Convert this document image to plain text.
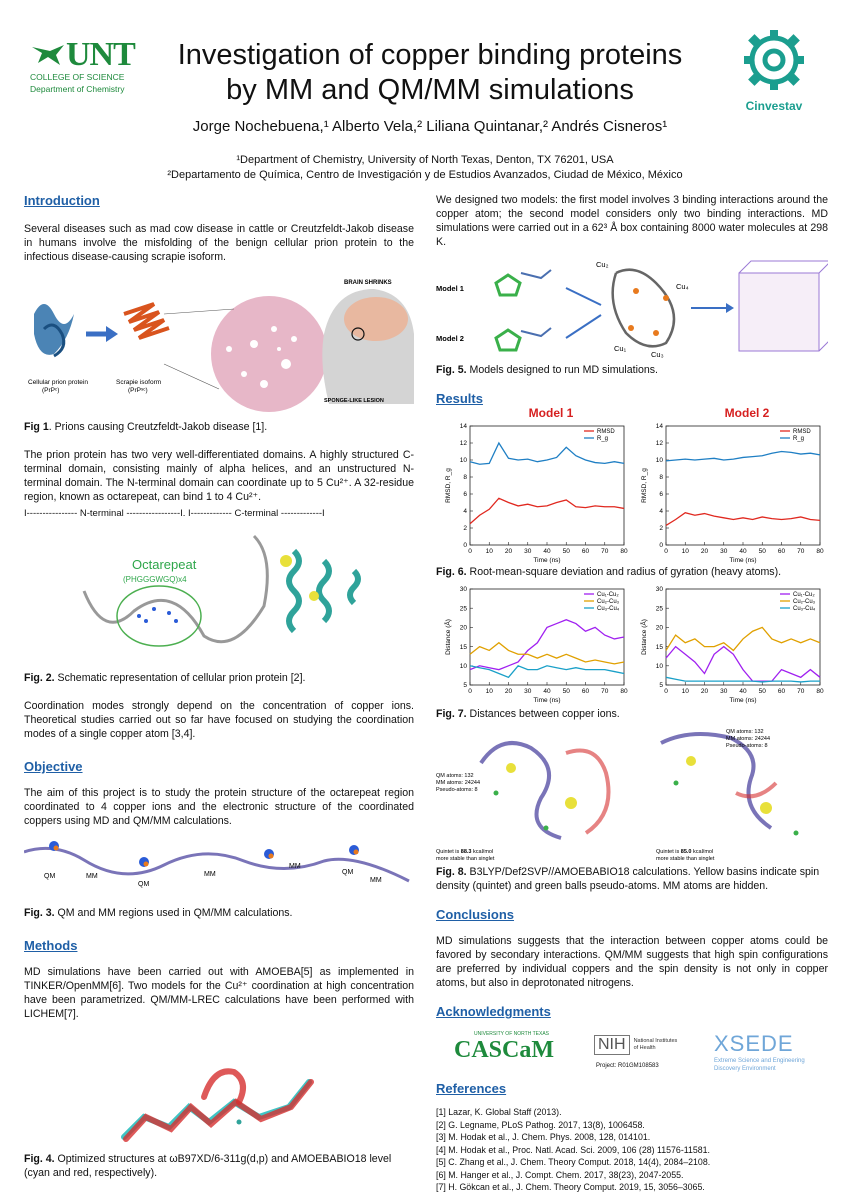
UNT
COLLEGE OF SCIENCE
Department of Chemistry
Investigation of copper binding proteins
by MM and QM/MM simulations
Jorge Nochebuena,¹ Alberto Vela,² Liliana Quintanar,² Andrés Cisneros¹
¹Department of Chemistry, University of North Texas, Denton, TX 76201, USA
²Departamento de Química, Centro de Investigación y de Estudios Avanzados, Ciudad de México, México
Cinvestav
Introduction

Several diseases such as mad cow disease in cattle or Creutzfeldt-Jakob disease in humans involve the misfolding of the benign cellular prion protein to the infectious disease-causing scrapie isoform.

BRAIN SHRINKS
SPONGE-LIKE LESION
Cellular prion protein
(PrPᶜ)
Scrapie isoform
(PrPˢᶜ)
Fig 1. Prions causing Creutzfeldt-Jakob disease [1].

The prion protein has two very well-differentiated domains. A highly structured C-terminal domain, consisting mainly of alpha helices, and an unstructured N-terminal domain. The N-terminal domain can coordinate up to 5 Cu²⁺. A 32-residue region, known as octarepeat, can bind 1 to 4 Cu²⁺.

I---------------- N-terminal -----------------I. I------------- C-terminal -------------I
Octarepeat
(PHGGGWGQ)x4
Fig. 2. Schematic representation of cellular prion protein [2].

Coordination modes strongly depend on the concentration of copper ions. Theoretical studies carried out so far have focused on studying the coordination modes of a single copper atom [3,4].

Objective

The aim of this project is to study the protein structure of the octarepeat region coordinated to 4 copper ions and the electronic structure of the coordinated coppers using MD and QM/MM calculations.

QM	MM
QM
MM
MM
QM
MM
Fig. 3. QM and MM regions used in QM/MM calculations.
Methods

MD simulations have been carried out with AMOEBA[5] as implemented in TINKER/OpenMM[6]. Two models for the Cu²⁺ coordination at high concentration have been parametrized. QM/MM-LREC calculations have been performed with LICHEM[7].

Fig. 4. Optimized structures at ωB97XD/6-311g(d,p) and AMOEBABIO18 level (cyan and red, respectively).

We designed two models: the first model involves 3 binding interactions around the copper atom; the second model considers only two binding interactions. MD simulations were carried out in a 62³ Å box containing 8000 water molecules at 298 K.

Model 1
Model 2
Cu₂
Cu₄
Cu₁
Cu₃
Fig. 5. Models designed to run MD simulations.
Results
Model 1	Model 2
0 10 20 30 40 50 60 70 80
0
2
4
6
8
10
12
14
Time (ns)
RMSD, R_g
RMSD
R_g
0 10 20 30 40 50 60 70 80
0
2
4
6
8
10
12
14
Time (ns)
RMSD, R_g
RMSD
R_g
Fig. 6. Root-mean-square deviation and radius of gyration (heavy atoms).
0 10 20 30 40 50 60 70 80
5
10
15
20
25
30
Time (ns)
Distance (Å)
Cu₁-Cu₂
Cu₂-Cu₃
Cu₃-Cu₄
0 10 20 30 40 50 60 70 80
5
10
15
20
25
30
Time (ns)
Distance (Å)
Cu₁-Cu₂
Cu₂-Cu₃
Cu₃-Cu₄
Fig. 7. Distances between copper ions.
QM atoms: 132
MM atoms: 24244
Pseudo-atoms: 8
QM atoms: 132
MM atoms: 24244
Pseudo-atoms: 8
Quintet is 88.3 kcal/mol
more stable than singlet
Quintet is 85.0 kcal/mol
more stable than singlet
Fig. 8. B3LYP/Def2SVP//AMOEBABIO18 calculations. Yellow basins indicate spin density (quintet) and green balls pseudo-atoms. MM atoms are hidden.
Conclusions

MD simulations suggests that the interaction between copper atoms could be favored by secondary interactions. QM/MM suggests that high spin configurations are preferred by individual coppers and the spin density is not only in copper atoms, but also in deprotonated nitrogens.

Acknowledgments
UNIVERSITY OF NORTH TEXAS
CASCaM	NIH	National Institutes
of Health
Project: R01GM108583
XSEDE
Extreme Science and Engineering
Discovery Environment
References
[1] Lazar, K. Global Staff (2013).
[2] G. Legname, PLoS Pathog. 2017, 13(8), 1006458.
[3] M. Hodak et al., J. Chem. Phys. 2008, 128, 014101.
[4] M. Hodak et al., Proc. Natl. Acad. Sci. 2009, 106 (28) 11576-11581.
[5] C. Zhang et al., J. Chem. Theory Comput. 2018, 14(4), 2084–2108.
[6] M. Hanger et al., J. Compt. Chem. 2017, 38(23), 2047-2055.
[7] H. Gökcan et al., J. Chem. Theory Comput. 2019, 15, 3056–3065.
